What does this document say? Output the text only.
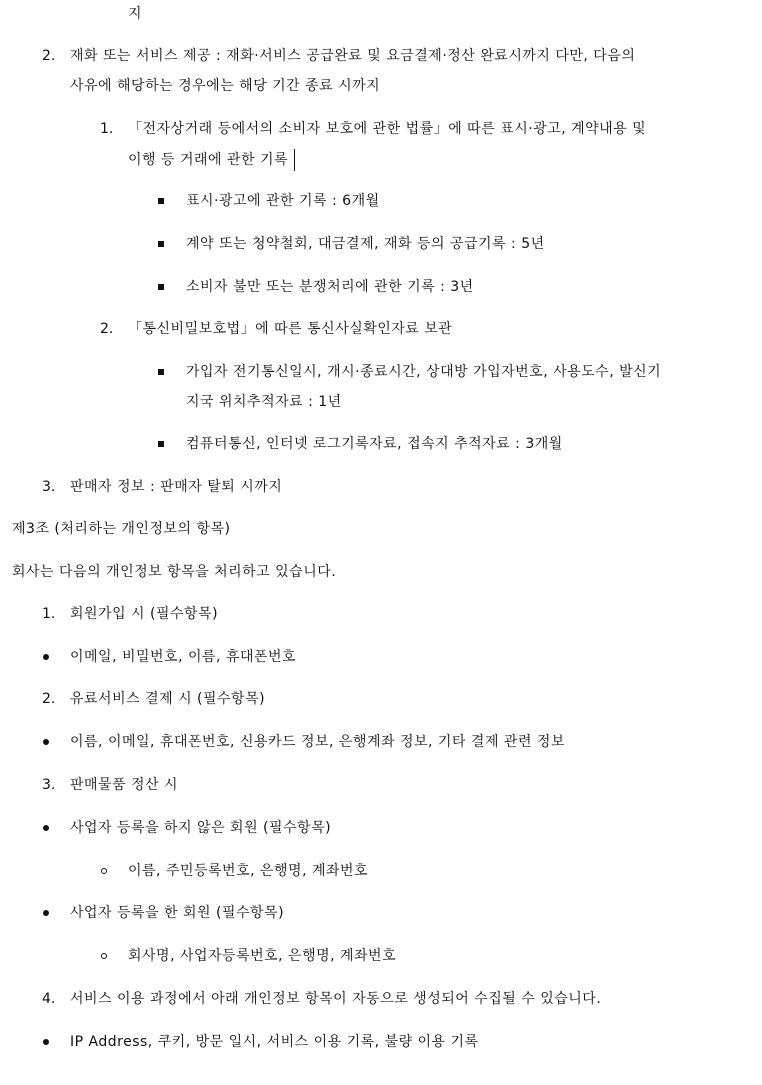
지
2. 재화 또는 서비스 제공 : 재화·서비스 공급완료 및 요금결제·정산 완료시까지 다만, 다음의
사유에 해당하는 경우에는 해당 기간 종료 시까지
1. 「전자상거래 등에서의 소비자 보호에 관한 법률」에 따른 표시·광고, 계약내용 및
이행 등 거래에 관한 기록
표시·광고에 관한 기록 : 6개월
계약 또는 청약철회, 대금결제, 재화 등의 공급기록 : 5년
소비자 불만 또는 분쟁처리에 관한 기록 : 3년
2. 「통신비밀보호법」에 따른 통신사실확인자료 보관
가입자 전기통신일시, 개시·종료시간, 상대방 가입자번호, 사용도수, 발신기
지국 위치추적자료 : 1년
컴퓨터통신, 인터넷 로그기록자료, 접속지 추적자료 : 3개월
3. 판매자 정보 : 판매자 탈퇴 시까지
제3조 (처리하는 개인정보의 항목)
회사는 다음의 개인정보 항목을 처리하고 있습니다.
1. 회원가입 시 (필수항목)
이메일, 비밀번호, 이름, 휴대폰번호
2. 유료서비스 결제 시 (필수항목)
이름, 이메일, 휴대폰번호, 신용카드 정보, 은행계좌 정보, 기타 결제 관련 정보
3. 판매물품 정산 시
사업자 등록을 하지 않은 회원 (필수항목)
이름, 주민등록번호, 은행명, 계좌번호
사업자 등록을 한 회원 (필수항목)
회사명, 사업자등록번호, 은행명, 계좌번호
4. 서비스 이용 과정에서 아래 개인정보 항목이 자동으로 생성되어 수집될 수 있습니다.
IP Address, 쿠키, 방문 일시, 서비스 이용 기록, 불량 이용 기록
